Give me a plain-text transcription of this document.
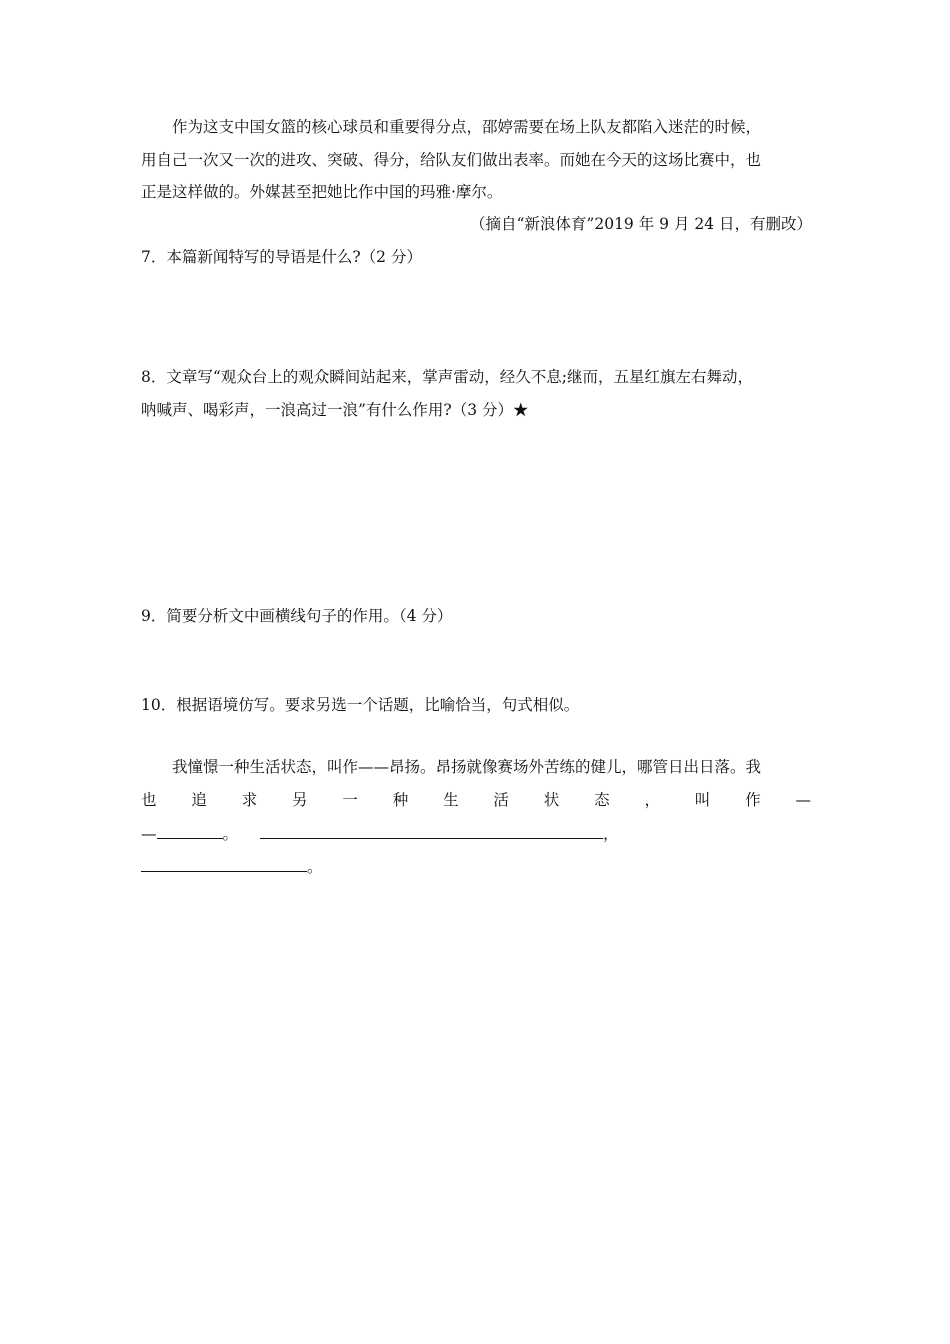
作为这支中国女篮的核心球员和重要得分点，邵婷需要在场上队友都陷入迷茫的时候，
用自己一次又一次的进攻、突破、得分，给队友们做出表率。而她在今天的这场比赛中，也
正是这样做的。外媒甚至把她比作中国的玛雅·摩尔。
（摘自“新浪体育”2019 年 9 月 24 日，有删改）
7．本篇新闻特写的导语是什么?（2 分）
8．文章写“观众台上的观众瞬间站起来，掌声雷动，经久不息;继而，五星红旗左右舞动，
呐喊声、喝彩声，一浪高过一浪”有什么作用?（3 分）★
9．简要分析文中画横线句子的作用。（4 分）
10．根据语境仿写。要求另选一个话题，比喻恰当，句式相似。
我憧憬一种生活状态，叫作——昂扬。昂扬就像赛场外苦练的健儿，哪管日出日落。我
也 追 求 另 一 种 生 活 状 态 ， 叫 作 —
—	。	，
。
